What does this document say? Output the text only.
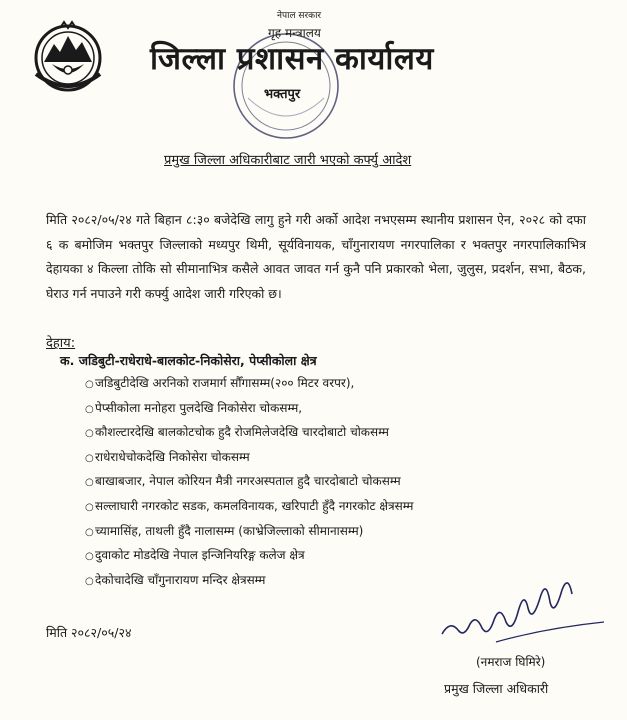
नेपाल सरकार
गृह मन्त्रालय
जिल्ला प्रशासन कार्यालय
भक्तपुर
प्रमुख जिल्ला अधिकारीबाट जारी भएको कर्फ्यु आदेश
मिति २०८२/०५/२४ गते बिहान ८:३० बजेदेखि लागु हुने गरी अर्को आदेश नभएसम्म स्थानीय प्रशासन ऐन, २०२८ को दफा ६ क बमोजिम भक्तपुर जिल्लाको मध्यपुर थिमी, सूर्यविनायक, चाँगुनारायण नगरपालिका र भक्तपुर नगरपालिकाभित्र देहायका ४ किल्ला तोकि सो सीमानाभित्र कसैले आवत जावत गर्न कुनै पनि प्रकारको भेला, जुलुस, प्रदर्शन, सभा, बैठक, घेराउ गर्न नपाउने गरी कर्फ्यु आदेश जारी गरिएको छ।
देहाय:
क. जडिबुटी-राधेराधे-बालकोट-निकोसेरा, पेप्सीकोला क्षेत्र
○जडिबुटीदेखि अरनिको राजमार्ग सौँगासम्म(२०० मिटर वरपर),
○पेप्सीकोला मनोहरा पुलदेखि निकोसेरा चोकसम्म,
○कौशल्टारदेखि बालकोटचोक हुदै रोजमिलेजदेखि चारदोबाटो चोकसम्म
○राधेराधेचोकदेखि निकोसेरा चोकसम्म
○बाखाबजार, नेपाल कोरियन मैत्री नगरअस्पताल हुदै चारदोबाटो चोकसम्म
○सल्लाघारी नगरकोट सडक, कमलविनायक, खरिपाटी हुँदै नगरकोट क्षेत्रसम्म
○च्यामासिंह, ताथली हुँदै नालासम्म (काभ्रेजिल्लाको सीमानासम्म)
○दुवाकोट मोडदेखि नेपाल इन्जिनियरिङ्ग कलेज क्षेत्र
○देकोचादेखि चाँगुनारायण मन्दिर क्षेत्रसम्म
मिति २०८२/०५/२४
(नमराज घिमिरे)
प्रमुख जिल्ला अधिकारी
